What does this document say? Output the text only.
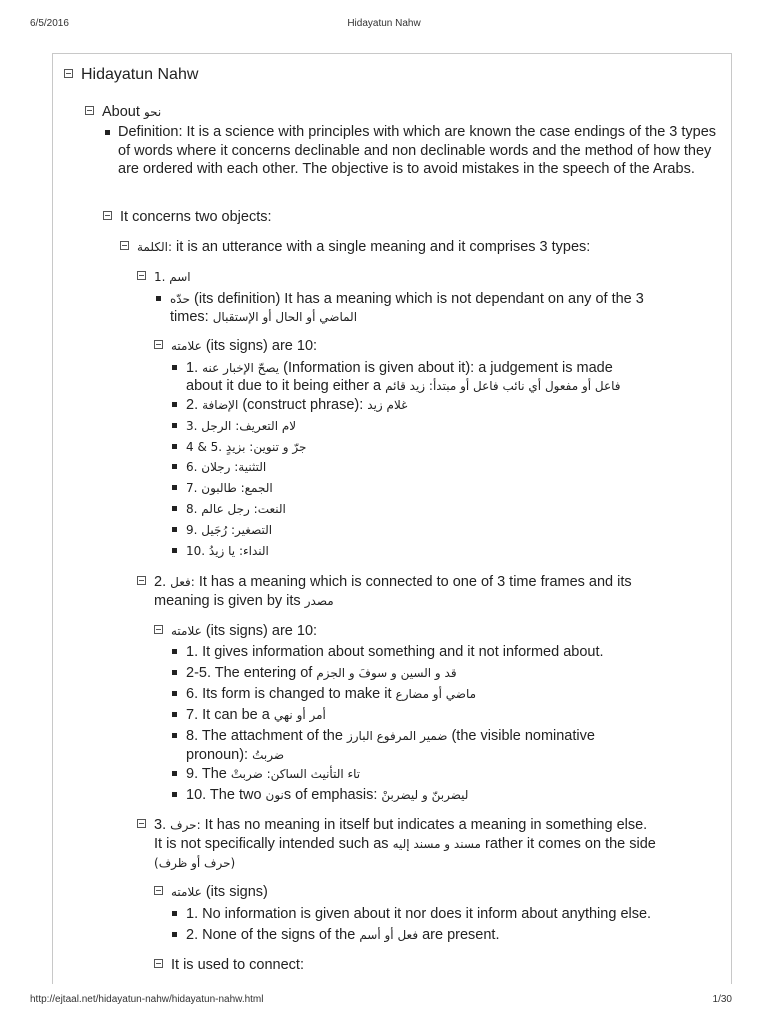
6/5/2016	Hidayatun Nahw
Hidayatun Nahw
About نحو
Definition: It is a science with principles with which are known the case endings of the 3 types of words where it concerns declinable and non declinable words and the method of how they are ordered with each other. The objective is to avoid mistakes in the speech of the Arabs.
It concerns two objects:
الكلمة: it is an utterance with a single meaning and it comprises 3 types:
1. اسم
حدّه (its definition) It has a meaning which is not dependant on any of the 3
times: الماضي أو الحال أو الإستقبال
علامته (its signs) are 10:
1. يصحّ الإخبار عنه (Information is given about it): a judgement is made
about it due to it being either a فاعل أو مفعول أي نائب فاعل أو مبتدأ: زيد قائم
2. الإضافة (construct phrase): غلام زيد
3. لام التعريف: الرجل
4 & 5. جرّ و تنوين: بزيدٍ
6. التثنية: رجلان
7. الجمع: طالبون
8. النعت: رجل عالم
9. التصغير: رُجَيل
10. النداء: يا زيدُ
2. فعل: It has a meaning which is connected to one of 3 time frames and its
meaning is given by its مصدر
علامته (its signs) are 10:
1. It gives information about something and it not informed about.
2-5. The entering of قد و السين و سوفَ و الجزم
6. Its form is changed to make it ماضي أو مضارع
7. It can be a أمر أو نهي
8. The attachment of the ضمير المرفوع البارز (the visible nominative
pronoun): ضربتُ
9. The تاء التأنيث الساكن: ضربتْ
10. The two نونs of emphasis: ليضربنّ و ليضربنْ
3. حرف: It has no meaning in itself but indicates a meaning in something else.
It is not specifically intended such as مسند و مسند إليه rather it comes on the side
(حرف أو ظرف)
علامته (its signs)
1. No information is given about it nor does it inform about anything else.
2. None of the signs of the فعل أو أسم are present.
It is used to connect:
http://ejtaal.net/hidayatun-nahw/hidayatun-nahw.html	1/30
